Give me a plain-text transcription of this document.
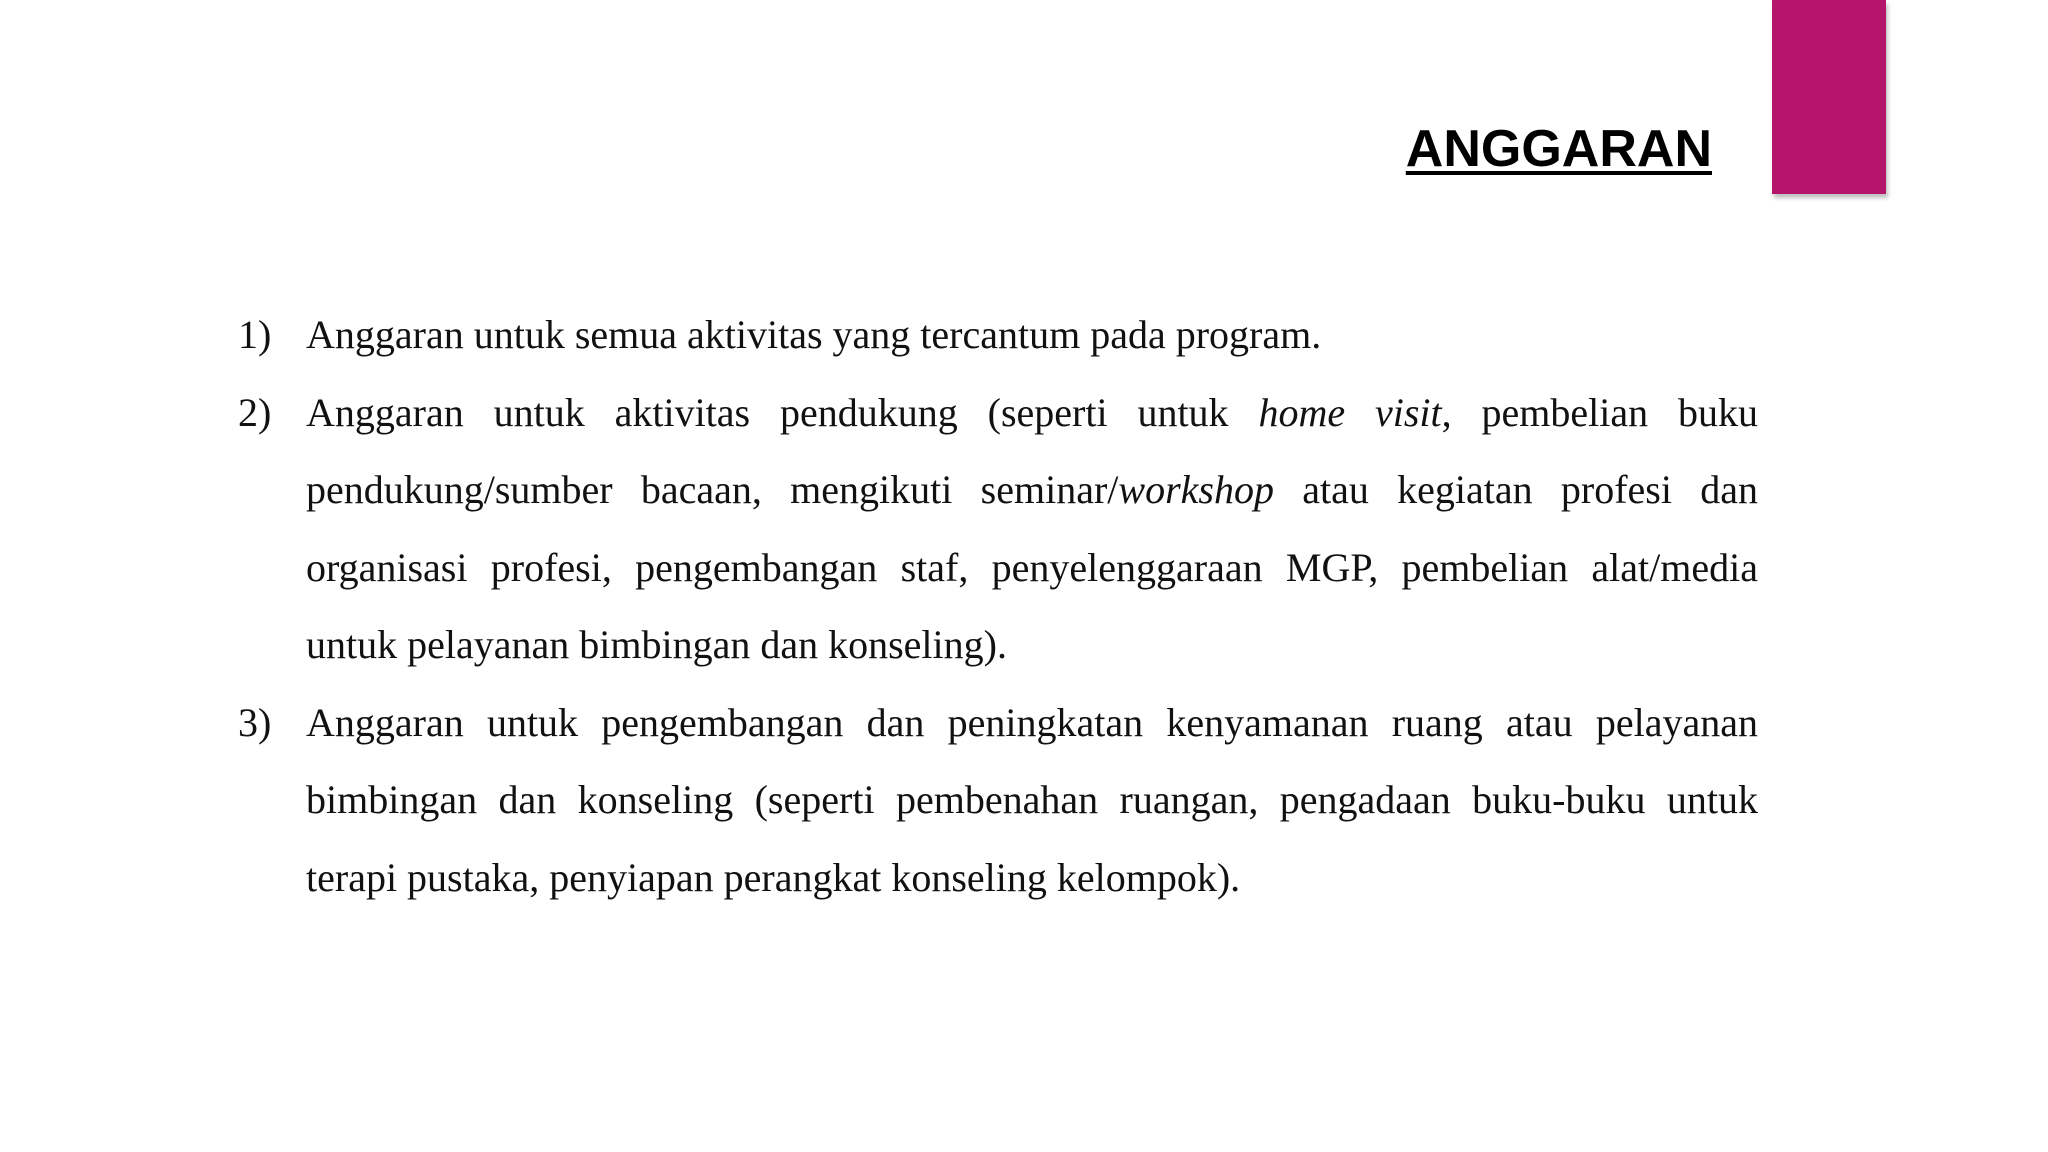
ANGGARAN
1) Anggaran untuk semua aktivitas yang tercantum pada program.
2) Anggaran untuk aktivitas pendukung (seperti untuk home visit, pembelian buku pendukung/sumber bacaan, mengikuti seminar/workshop atau kegiatan profesi dan organisasi profesi, pengembangan staf, penyelenggaraan MGP, pembelian alat/media untuk pelayanan bimbingan dan konseling).
3) Anggaran untuk pengembangan dan peningkatan kenyamanan ruang atau pelayanan bimbingan dan konseling (seperti pembenahan ruangan, pengadaan buku-buku untuk terapi pustaka, penyiapan perangkat konseling kelompok).
